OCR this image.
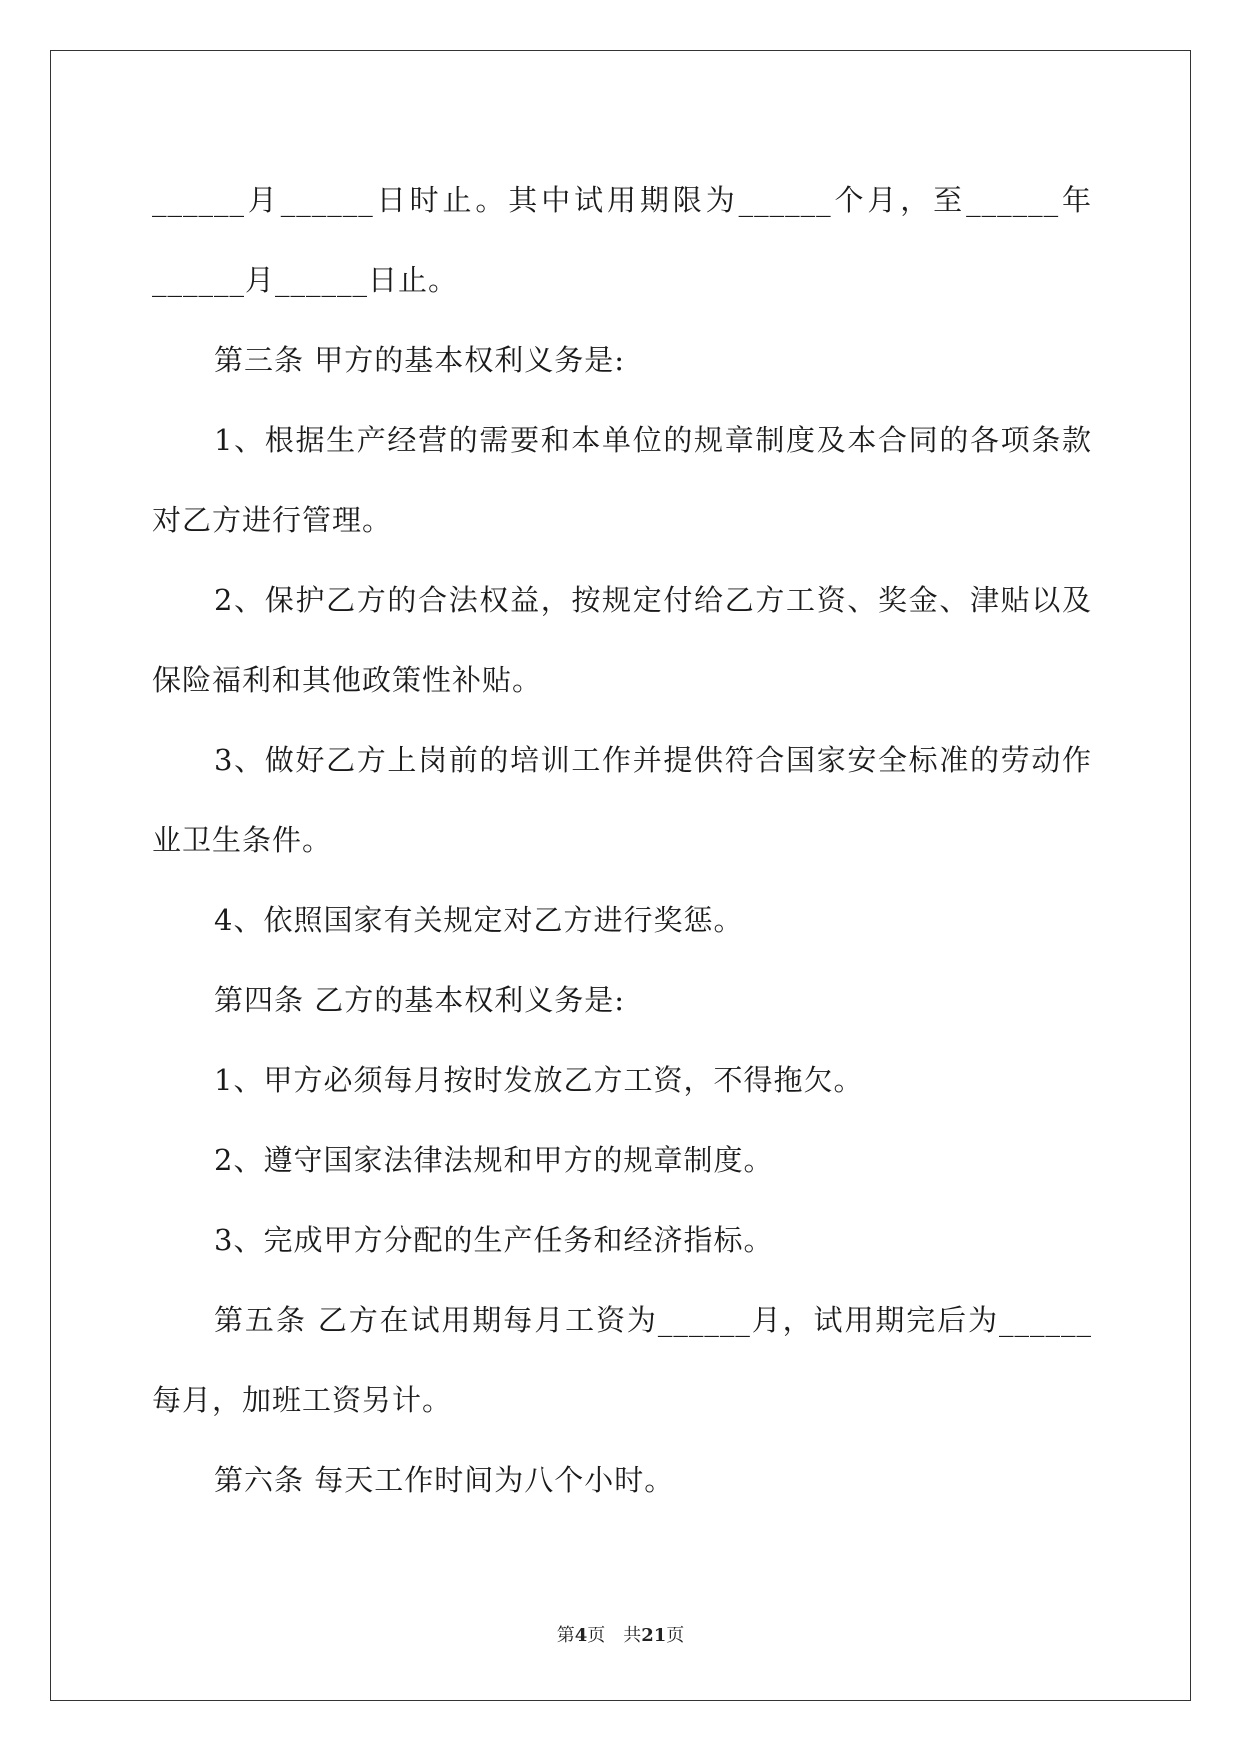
______月______日时止。其中试用期限为______个月，至______年
______月______日止。
第三条 甲方的基本权利义务是:
1、根据生产经营的需要和本单位的规章制度及本合同的各项条款
对乙方进行管理。
2、保护乙方的合法权益，按规定付给乙方工资、奖金、津贴以及
保险福利和其他政策性补贴。
3、做好乙方上岗前的培训工作并提供符合国家安全标准的劳动作
业卫生条件。
4、依照国家有关规定对乙方进行奖惩。
第四条 乙方的基本权利义务是:
1、甲方必须每月按时发放乙方工资，不得拖欠。
2、遵守国家法律法规和甲方的规章制度。
3、完成甲方分配的生产任务和经济指标。
第五条 乙方在试用期每月工资为______月，试用期完后为______
每月，加班工资另计。
第六条 每天工作时间为八个小时。
第4页 共21页
